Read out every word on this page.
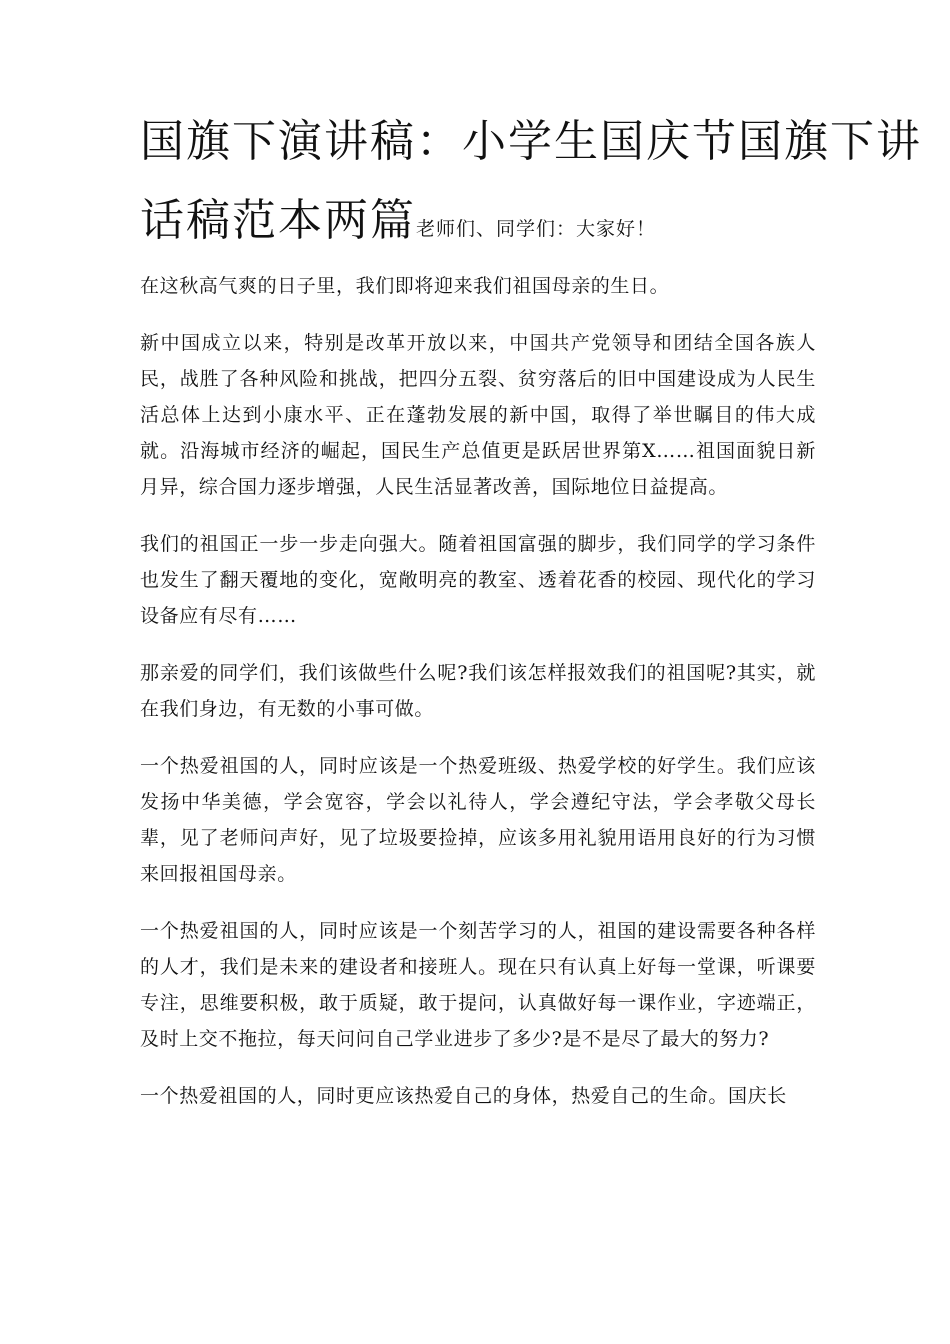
国旗下演讲稿：小学生国庆节国旗下讲
话稿范本两篇老师们、同学们：大家好！

在这秋高气爽的日子里，我们即将迎来我们祖国母亲的生日。

新中国成立以来，特别是改革开放以来，中国共产党领导和团结全国各族人民，战胜了各种风险和挑战，把四分五裂、贫穷落后的旧中国建设成为人民生活总体上达到小康水平、正在蓬勃发展的新中国，取得了举世瞩目的伟大成就。沿海城市经济的崛起，国民生产总值更是跃居世界第X……祖国面貌日新月异，综合国力逐步增强，人民生活显著改善，国际地位日益提高。

我们的祖国正一步一步走向强大。随着祖国富强的脚步，我们同学的学习条件也发生了翻天覆地的变化，宽敞明亮的教室、透着花香的校园、现代化的学习设备应有尽有……

那亲爱的同学们，我们该做些什么呢?我们该怎样报效我们的祖国呢?其实，就在我们身边，有无数的小事可做。

一个热爱祖国的人，同时应该是一个热爱班级、热爱学校的好学生。我们应该发扬中华美德，学会宽容，学会以礼待人，学会遵纪守法，学会孝敬父母长辈，见了老师问声好，见了垃圾要捡掉，应该多用礼貌用语用良好的行为习惯来回报祖国母亲。

一个热爱祖国的人，同时应该是一个刻苦学习的人，祖国的建设需要各种各样的人才，我们是未来的建设者和接班人。现在只有认真上好每一堂课，听课要专注，思维要积极，敢于质疑，敢于提问，认真做好每一课作业，字迹端正，及时上交不拖拉，每天问问自己学业进步了多少?是不是尽了最大的努力?

一个热爱祖国的人，同时更应该热爱自己的身体，热爱自己的生命。国庆长
